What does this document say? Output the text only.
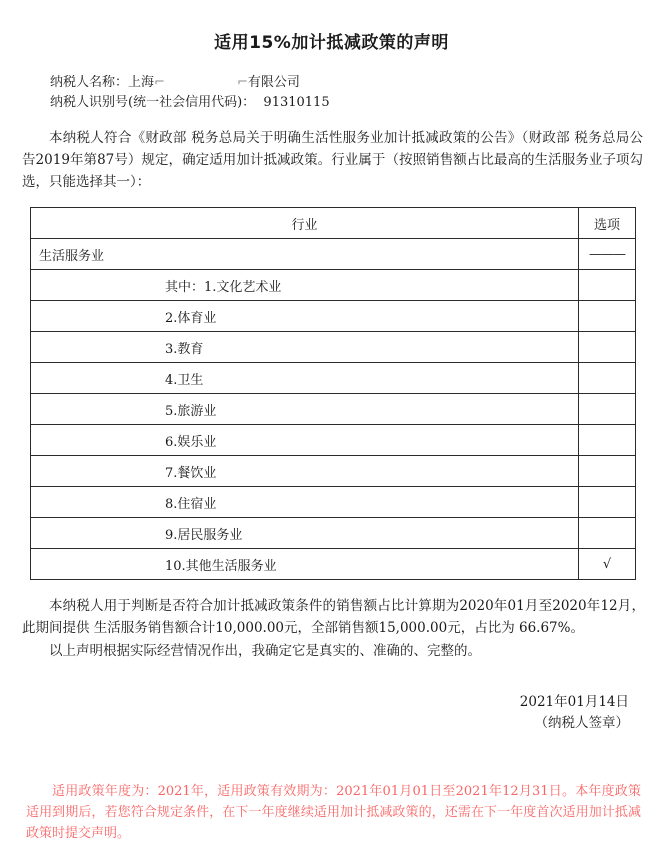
适用15%加计抵减政策的声明
纳税人名称：上海⌐	⌐有限公司
纳税人识别号(统一社会信用代码)： 91310115

本纳税人符合《财政部 税务总局关于明确生活性服务业加计抵减政策的公告》（财政部 税务总局公告2019年第87号）规定，确定适用加计抵减政策。行业属于（按照销售额占比最高的生活服务业子项勾选，只能选择其一）：

行业	选项
生活服务业	———
其中：1.文化艺术业	
2.体育业	
3.教育	
4.卫生	
5.旅游业	
6.娱乐业	
7.餐饮业	
8.住宿业	
9.居民服务业	
10.其他生活服务业	√

本纳税人用于判断是否符合加计抵减政策条件的销售额占比计算期为2020年01月至2020年12月，此期间提供 生活服务销售额合计10,000.00元，全部销售额15,000.00元，占比为 66.67%。

以上声明根据实际经营情况作出，我确定它是真实的、准确的、完整的。

2021年01月14日
（纳税人签章）

适用政策年度为：2021年，适用政策有效期为：2021年01月01日至2021年12月31日。本年度政策适用到期后，若您符合规定条件，在下一年度继续适用加计抵减政策的，还需在下一年度首次适用加计抵减政策时提交声明。
